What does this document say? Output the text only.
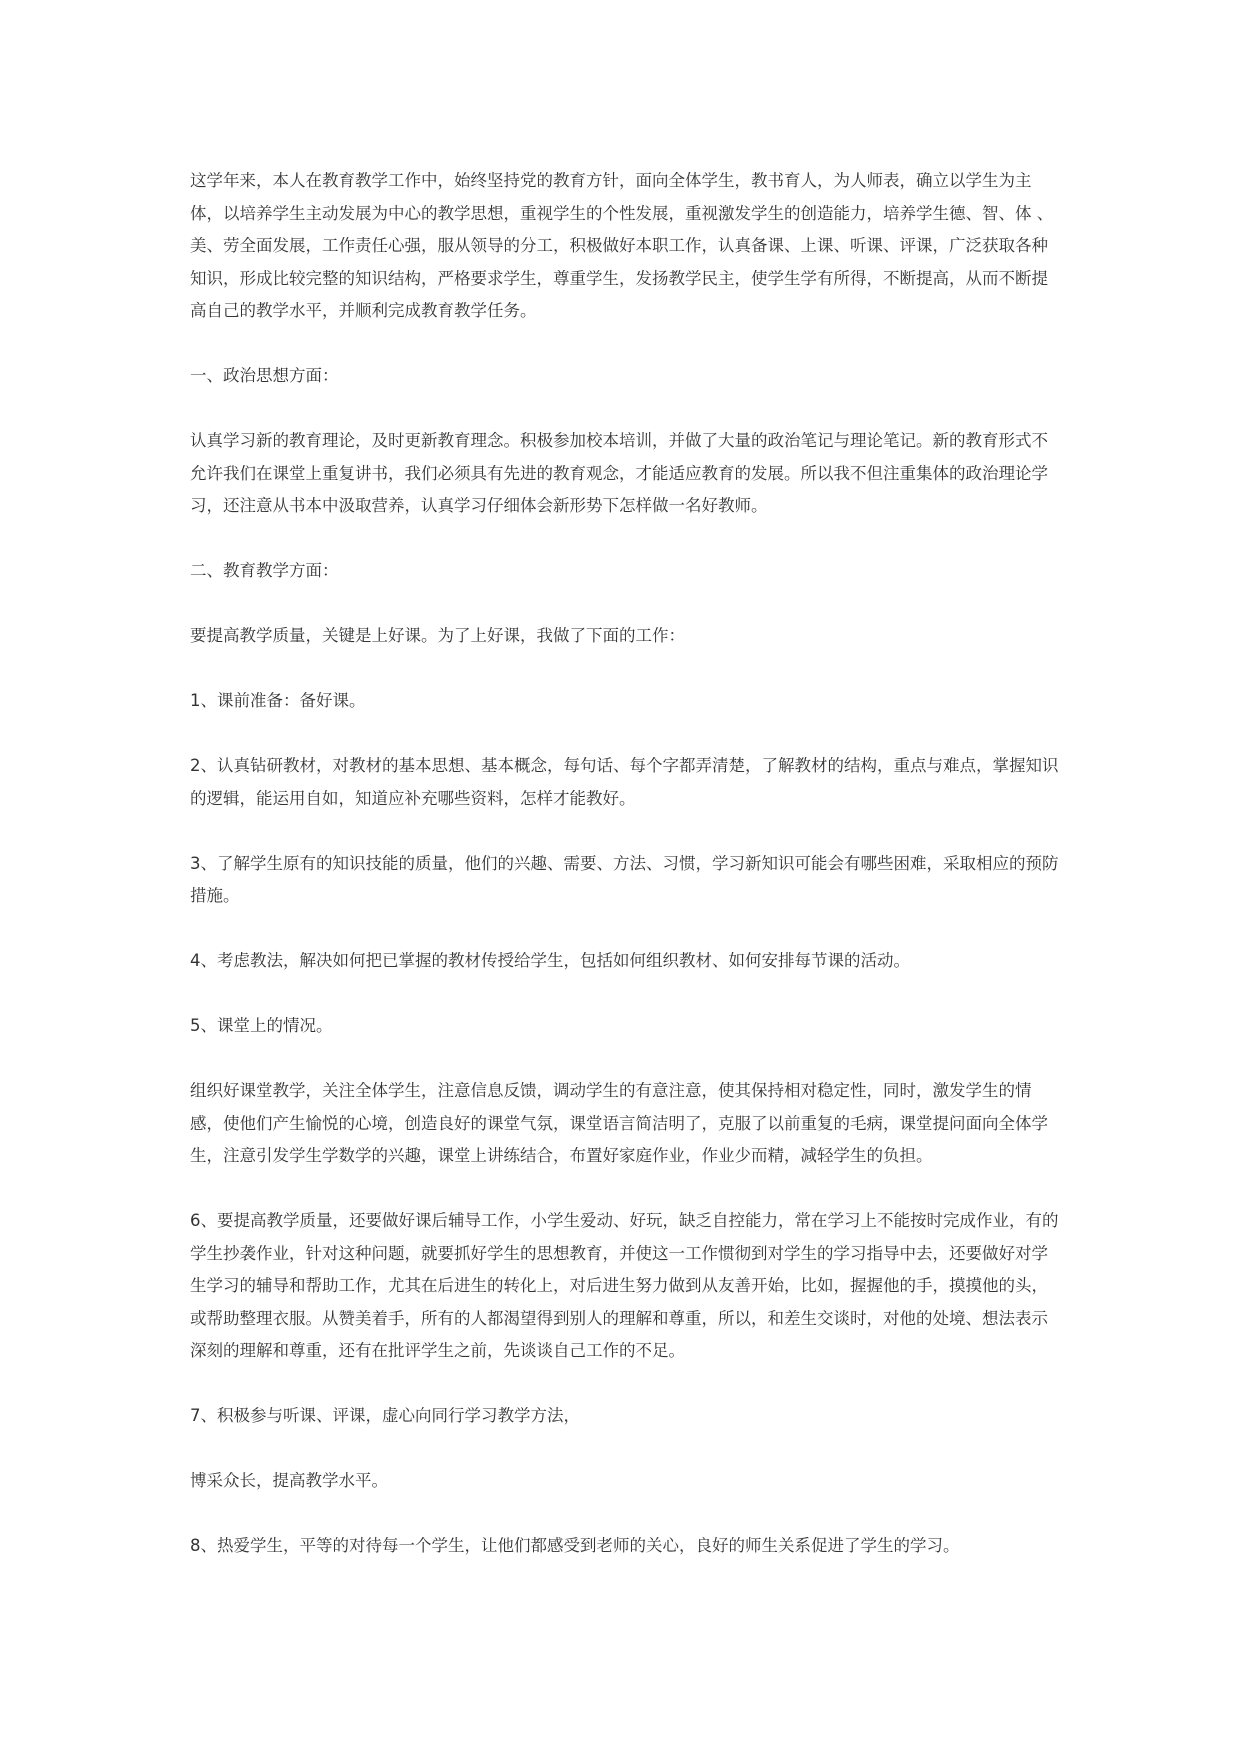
这学年来，本人在教育教学工作中，始终坚持党的教育方针，面向全体学生，教书育人，为人师表，确立以学生为主体，以培养学生主动发展为中心的教学思想，重视学生的个性发展，重视激发学生的创造能力，培养学生德、智、体 、美、劳全面发展，工作责任心强，服从领导的分工，积极做好本职工作，认真备课、上课、听课、评课，广泛获取各种知识，形成比较完整的知识结构，严格要求学生，尊重学生，发扬教学民主，使学生学有所得，不断提高，从而不断提高自己的教学水平，并顺利完成教育教学任务。

一、政治思想方面：

认真学习新的教育理论，及时更新教育理念。积极参加校本培训，并做了大量的政治笔记与理论笔记。新的教育形式不允许我们在课堂上重复讲书，我们必须具有先进的教育观念，才能适应教育的发展。所以我不但注重集体的政治理论学习，还注意从书本中汲取营养，认真学习仔细体会新形势下怎样做一名好教师。

二、教育教学方面：

要提高教学质量，关键是上好课。为了上好课，我做了下面的工作：

1、课前准备：备好课。

2、认真钻研教材，对教材的基本思想、基本概念，每句话、每个字都弄清楚，了解教材的结构，重点与难点，掌握知识的逻辑，能运用自如，知道应补充哪些资料，怎样才能教好。

3、了解学生原有的知识技能的质量，他们的兴趣、需要、方法、习惯，学习新知识可能会有哪些困难，采取相应的预防措施。

4、考虑教法，解决如何把已掌握的教材传授给学生，包括如何组织教材、如何安排每节课的活动。

5、课堂上的情况。

组织好课堂教学，关注全体学生，注意信息反馈，调动学生的有意注意，使其保持相对稳定性，同时，激发学生的情感，使他们产生愉悦的心境，创造良好的课堂气氛，课堂语言简洁明了，克服了以前重复的毛病，课堂提问面向全体学生，注意引发学生学数学的兴趣，课堂上讲练结合，布置好家庭作业，作业少而精，减轻学生的负担。

6、要提高教学质量，还要做好课后辅导工作，小学生爱动、好玩，缺乏自控能力，常在学习上不能按时完成作业，有的学生抄袭作业，针对这种问题，就要抓好学生的思想教育，并使这一工作惯彻到对学生的学习指导中去，还要做好对学生学习的辅导和帮助工作，尤其在后进生的转化上，对后进生努力做到从友善开始，比如，握握他的手，摸摸他的头，或帮助整理衣服。从赞美着手，所有的人都渴望得到别人的理解和尊重，所以，和差生交谈时，对他的处境、想法表示深刻的理解和尊重，还有在批评学生之前，先谈谈自己工作的不足。

7、积极参与听课、评课，虚心向同行学习教学方法，

博采众长，提高教学水平。

8、热爱学生，平等的对待每一个学生，让他们都感受到老师的关心，良好的师生关系促进了学生的学习。
